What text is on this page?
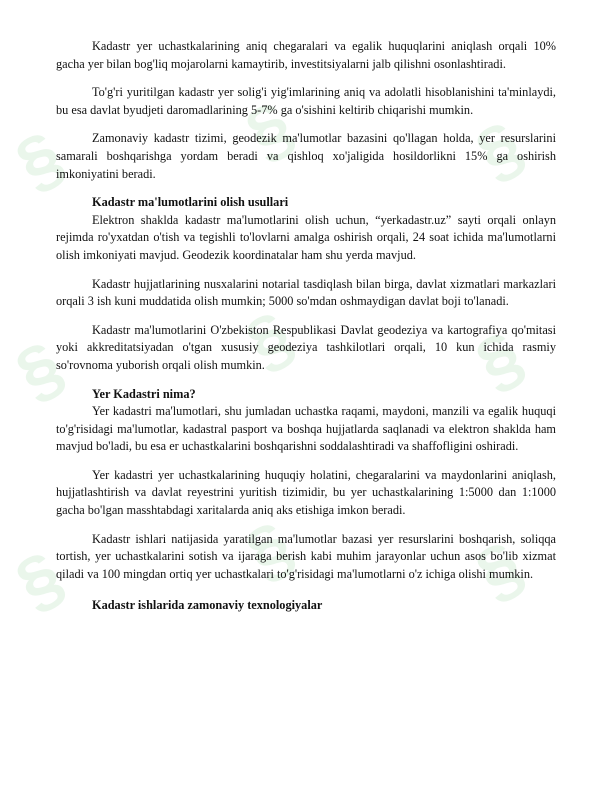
§ § §
§ § §
§ § §

Kadastr yer uchastkalarining aniq chegaralari va egalik huquqlarini aniqlash orqali 10% gacha yer bilan bog'liq mojarolarni kamaytirib, investitsiyalarni jalb qilishni osonlashtiradi.

To'g'ri yuritilgan kadastr yer solig'i yig'imlarining aniq va adolatli hisoblanishini ta'minlaydi, bu esa davlat byudjeti daromadlarining 5-7% ga o'sishini keltirib chiqarishi mumkin.

Zamonaviy kadastr tizimi, geodezik ma'lumotlar bazasini qo'llagan holda, yer resurslarini samarali boshqarishga yordam beradi va qishloq xo'jaligida hosildorlikni 15% ga oshirish imkoniyatini beradi.

Kadastr ma'lumotlarini olish usullari

Elektron shaklda kadastr ma'lumotlarini olish uchun, “yerkadastr.uz” sayti orqali onlayn rejimda ro'yxatdan o'tish va tegishli to'lovlarni amalga oshirish orqali, 24 soat ichida ma'lumotlarni olish imkoniyati mavjud. Geodezik koordinatalar ham shu yerda mavjud.

Kadastr hujjatlarining nusxalarini notarial tasdiqlash bilan birga, davlat xizmatlari markazlari orqali 3 ish kuni muddatida olish mumkin; 5000 so'mdan oshmaydigan davlat boji to'lanadi.

Kadastr ma'lumotlarini O'zbekiston Respublikasi Davlat geodeziya va kartografiya qo'mitasi yoki akkreditatsiyadan o'tgan xususiy geodeziya tashkilotlari orqali, 10 kun ichida rasmiy so'rovnoma yuborish orqali olish mumkin.

Yer Kadastri nima?

Yer kadastri ma'lumotlari, shu jumladan uchastka raqami, maydoni, manzili va egalik huquqi to'g'risidagi ma'lumotlar, kadastral pasport va boshqa hujjatlarda saqlanadi va elektron shaklda ham mavjud bo'ladi, bu esa er uchastkalarini boshqarishni soddalashtiradi va shaffofligini oshiradi.

Yer kadastri yer uchastkalarining huquqiy holatini, chegaralarini va maydonlarini aniqlash, hujjatlashtirish va davlat reyestrini yuritish tizimidir, bu yer uchastkalarining 1:5000 dan 1:1000 gacha bo'lgan masshtabdagi xaritalarda aniq aks etishiga imkon beradi.

Kadastr ishlari natijasida yaratilgan ma'lumotlar bazasi yer resurslarini boshqarish, soliqqa tortish, yer uchastkalarini sotish va ijaraga berish kabi muhim jarayonlar uchun asos bo'lib xizmat qiladi va 100 mingdan ortiq yer uchastkalari to'g'risidagi ma'lumotlarni o'z ichiga olishi mumkin.

Kadastr ishlarida zamonaviy texnologiyalar
